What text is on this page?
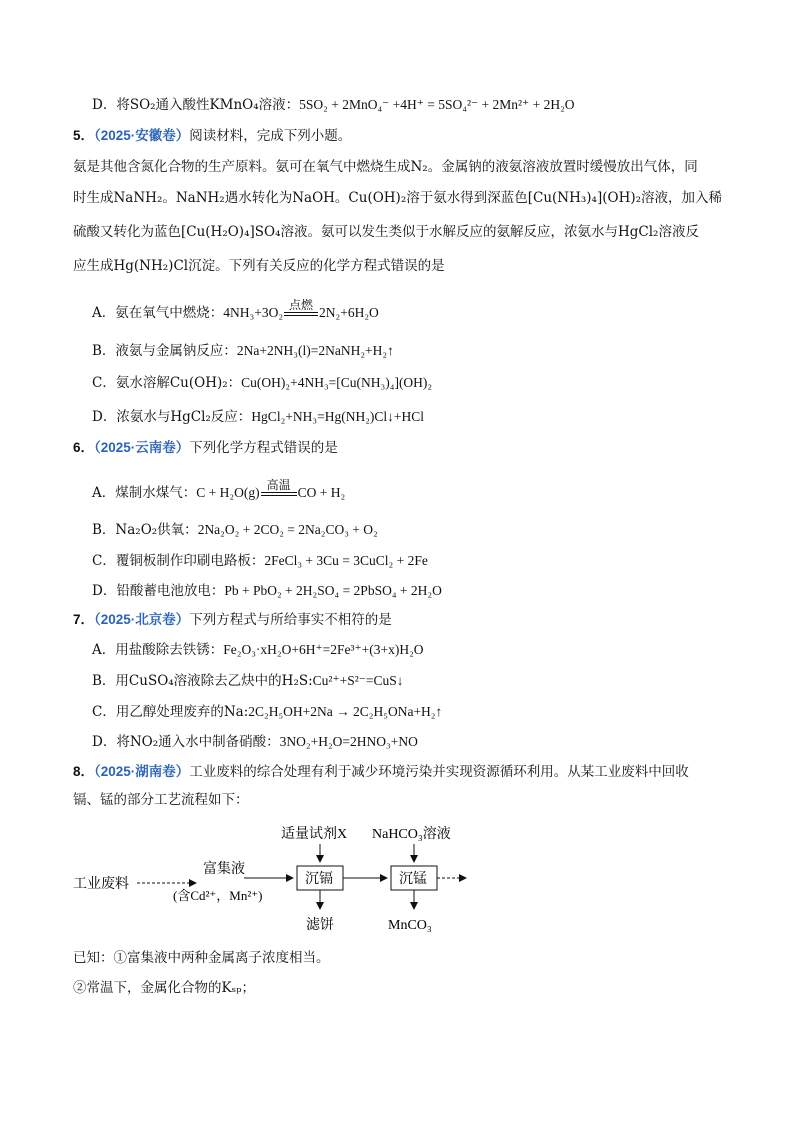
D．将SO₂通入酸性KMnO₄溶液：5SO₂ + 2MnO₄⁻ +4H⁺ = 5SO₄²⁻ + 2Mn²⁺ + 2H₂O
5．（2025·安徽卷）阅读材料，完成下列小题。
氨是其他含氮化合物的生产原料。氨可在氧气中燃烧生成N₂。金属钠的液氨溶液放置时缓慢放出气体，同
时生成NaNH₂。NaNH₂遇水转化为NaOH。Cu(OH)₂溶于氨水得到深蓝色[Cu(NH₃)₄](OH)₂溶液，加入稀
硫酸又转化为蓝色[Cu(H₂O)₄]SO₄溶液。氨可以发生类似于水解反应的氨解反应，浓氨水与HgCl₂溶液反
应生成Hg(NH₂)Cl沉淀。下列有关反应的化学方程式错误的是
A．氨在氧气中燃烧：4NH₃+3O₂ 点燃 2N₂+6H₂O
B．液氨与金属钠反应：2Na+2NH₃(l)=2NaNH₂+H₂↑
C．氨水溶解Cu(OH)₂：Cu(OH)₂+4NH₃=[Cu(NH₃)₄](OH)₂
D．浓氨水与HgCl₂反应：HgCl₂+NH₃=Hg(NH₂)Cl↓+HCl
6．（2025·云南卷）下列化学方程式错误的是
A．煤制水煤气：C + H₂O(g) 高温 CO + H₂
B．Na₂O₂供氧：2Na₂O₂ + 2CO₂ = 2Na₂CO₃ + O₂
C．覆铜板制作印刷电路板：2FeCl₃ + 3Cu = 3CuCl₂ + 2Fe
D．铅酸蓄电池放电：Pb + PbO₂ + 2H₂SO₄ = 2PbSO₄ + 2H₂O
7．（2025·北京卷）下列方程式与所给事实不相符的是
A．用盐酸除去铁锈：Fe₂O₃·xH₂O+6H⁺=2Fe³⁺+(3+x)H₂O
B．用CuSO₄溶液除去乙炔中的H₂S:Cu²⁺+S²⁻=CuS↓
C．用乙醇处理废弃的Na:2C₂H₅OH+2Na → 2C₂H₅ONa+H₂↑
D．将NO₂通入水中制备硝酸：3NO₂+H₂O=2HNO₃+NO
8．（2025·湖南卷）工业废料的综合处理有利于减少环境污染并实现资源循环利用。从某工业废料中回收
镉、锰的部分工艺流程如下：
工业废料
富集液
(含Cd²⁺，Mn²⁺)
沉镉	沉锰
适量试剂X NaHCO₃溶液
滤饼	MnCO₃
已知：①富集液中两种金属离子浓度相当。
②常温下，金属化合物的Kₛₚ；
